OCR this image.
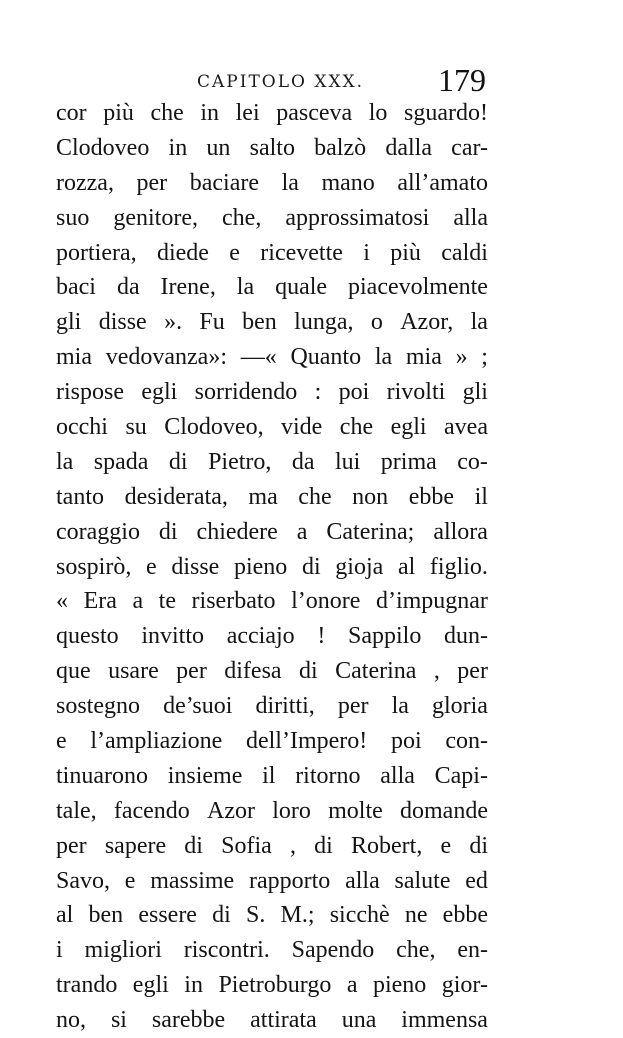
CAPITOLO XXX. 179
cor più che in lei pasceva lo sguardo!
Clodoveo in un salto balzò dalla car-
rozza, per baciare la mano all’amato
suo genitore, che, approssimatosi alla
portiera, diede e ricevette i più caldi
baci da Irene, la quale piacevolmente
gli disse ». Fu ben lunga, o Azor, la
mia vedovanza»: —« Quanto la mia » ;
rispose egli sorridendo : poi rivolti gli
occhi su Clodoveo, vide che egli avea
la spada di Pietro, da lui prima co-
tanto desiderata, ma che non ebbe il
coraggio di chiedere a Caterina; allora
sospirò, e disse pieno di gioja al figlio.
« Era a te riserbato l’onore d’impugnar
questo invitto acciajo ! Sappilo dun-
que usare per difesa di Caterina , per
sostegno de’suoi diritti, per la gloria
e l’ampliazione dell’Impero! poi con-
tinuarono insieme il ritorno alla Capi-
tale, facendo Azor loro molte domande
per sapere di Sofia , di Robert, e di
Savo, e massime rapporto alla salute ed
al ben essere di S. M.; sicchè ne ebbe
i migliori riscontri. Sapendo che, en-
trando egli in Pietroburgo a pieno gior-
no, si sarebbe attirata una immensa
